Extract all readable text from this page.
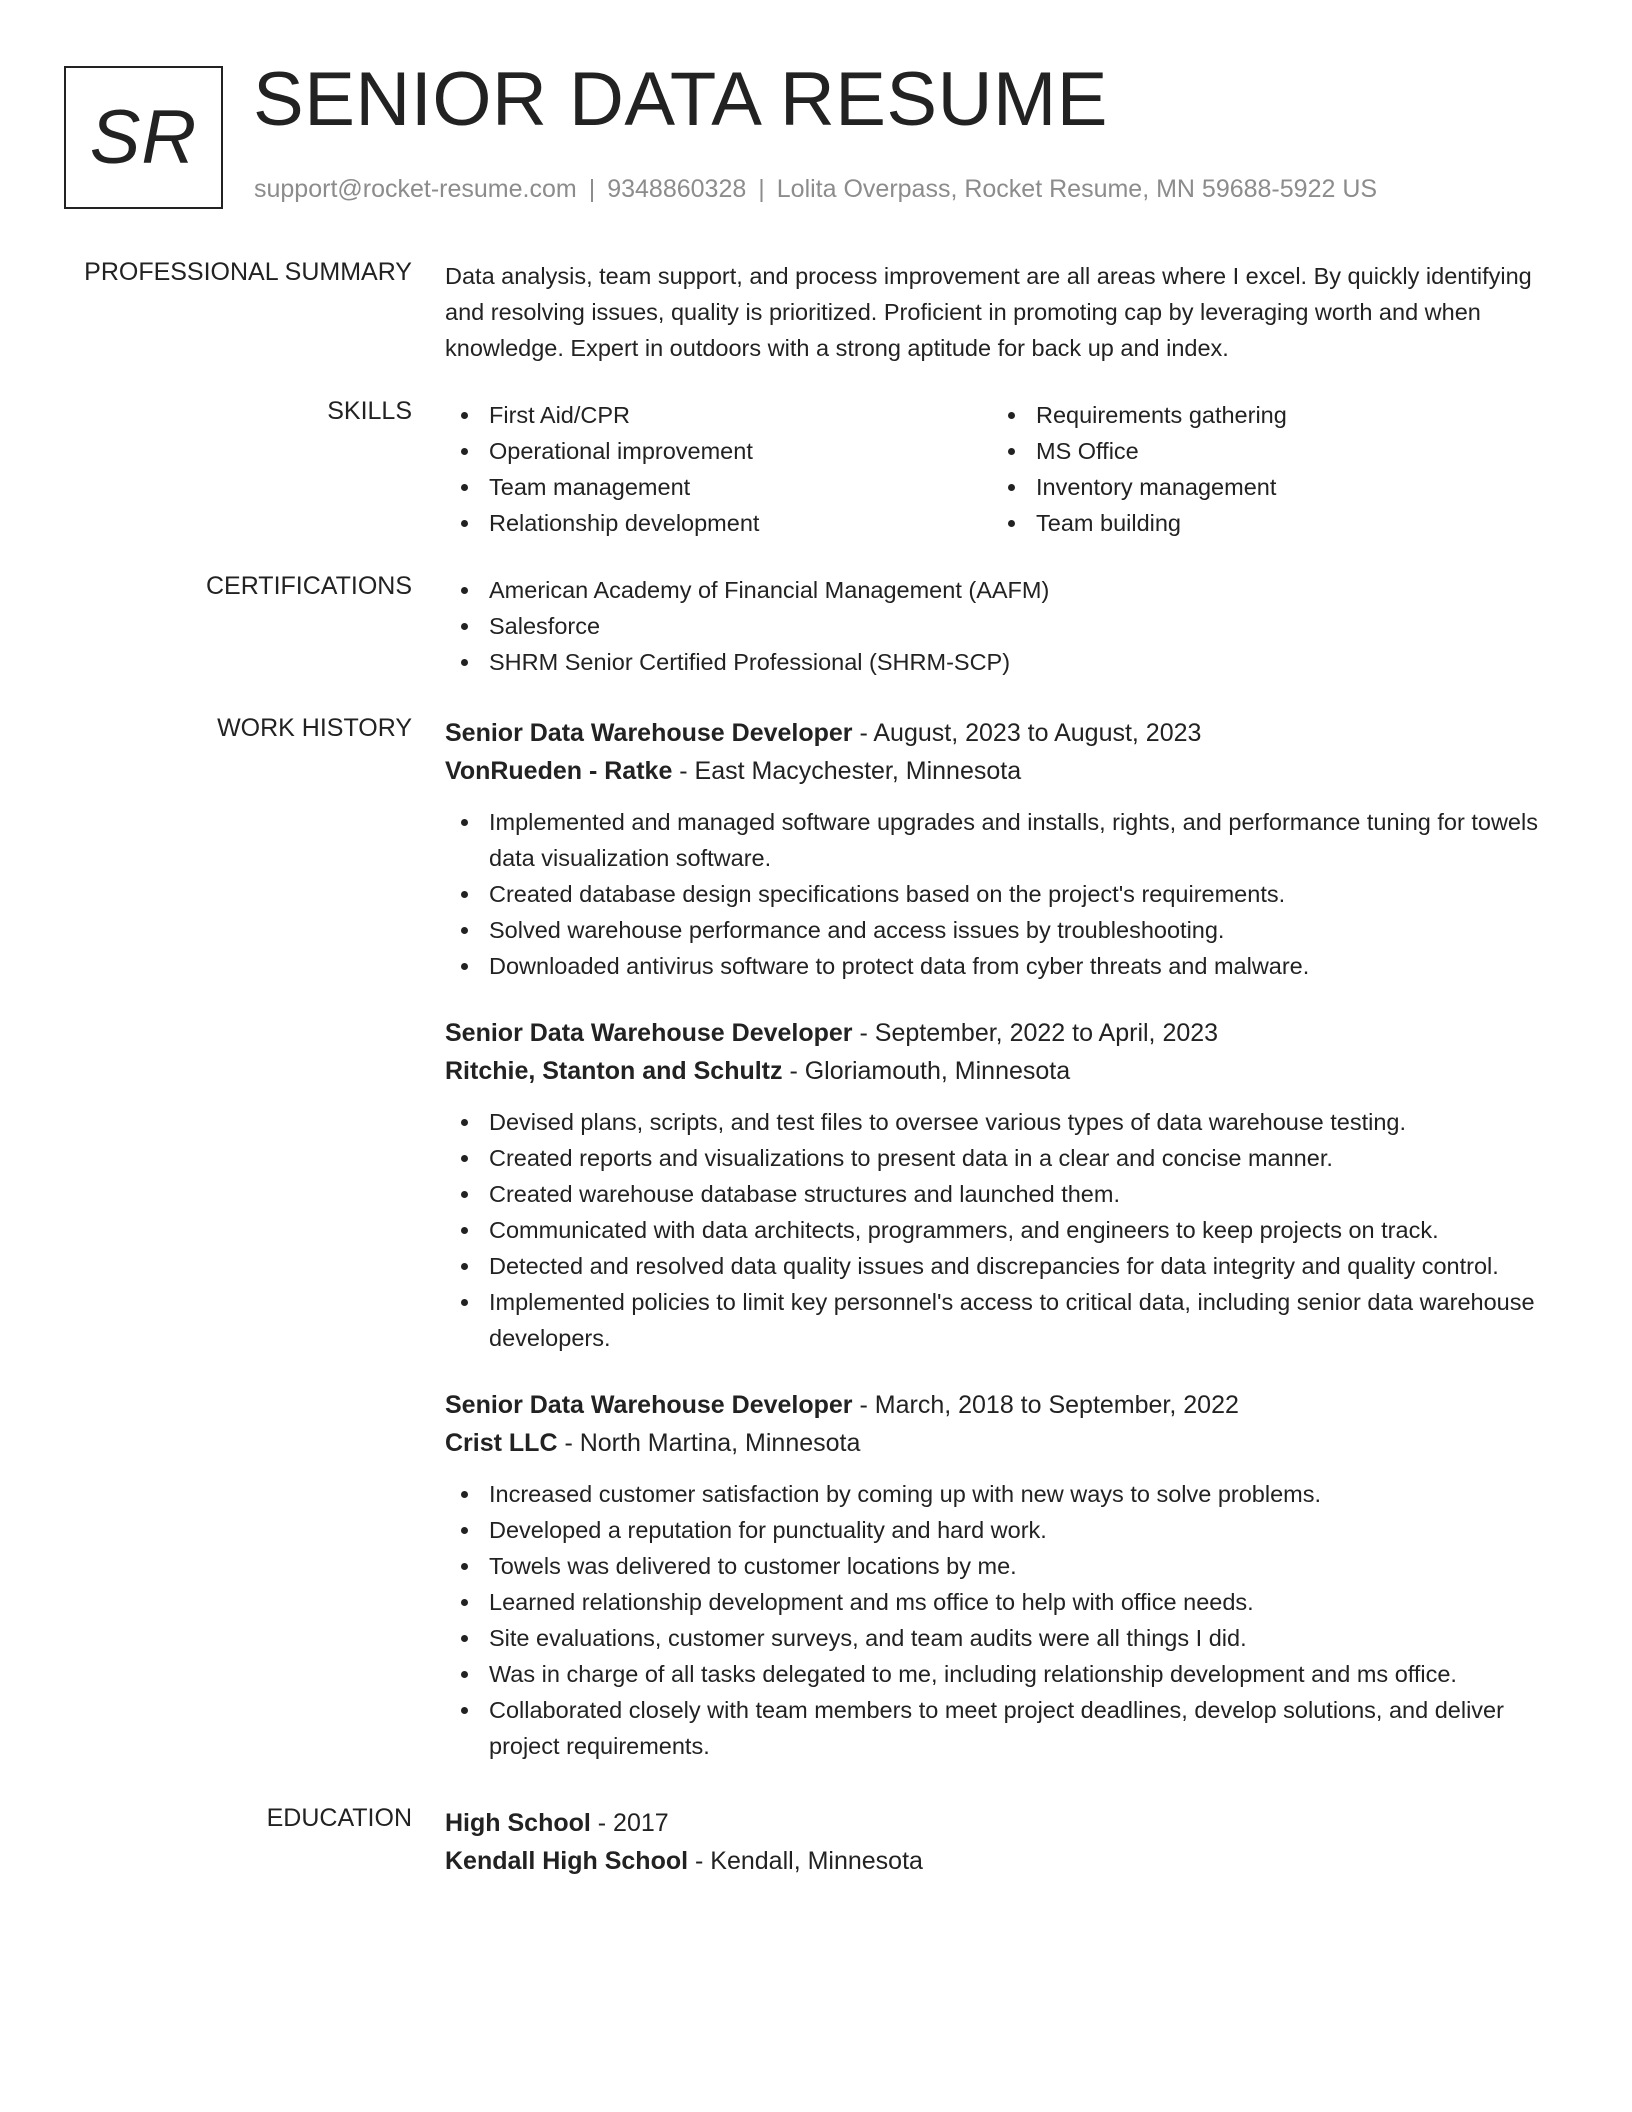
SR SENIOR DATA RESUME
support@rocket-resume.com | 9348860328 | Lolita Overpass, Rocket Resume, MN 59688-5922 US
PROFESSIONAL SUMMARY Data analysis, team support, and process improvement are all areas where I excel. By quickly identifying and resolving issues, quality is prioritized. Proficient in promoting cap by leveraging worth and when knowledge. Expert in outdoors with a strong aptitude for back up and index.
SKILLS	First Aid/CPR
Operational improvement
Team management
Relationship development
Requirements gathering
MS Office
Inventory management
Team building
CERTIFICATIONS	American Academy of Financial Management (AAFM)
Salesforce
SHRM Senior Certified Professional (SHRM-SCP)
WORK HISTORY Senior Data Warehouse Developer - August, 2023 to August, 2023
VonRueden - Ratke - East Macychester, Minnesota
Implemented and managed software upgrades and installs, rights, and performance tuning for towels data visualization software.
Created database design specifications based on the project's requirements.
Solved warehouse performance and access issues by troubleshooting.
Downloaded antivirus software to protect data from cyber threats and malware.
Senior Data Warehouse Developer - September, 2022 to April, 2023
Ritchie, Stanton and Schultz - Gloriamouth, Minnesota
Devised plans, scripts, and test files to oversee various types of data warehouse testing.
Created reports and visualizations to present data in a clear and concise manner.
Created warehouse database structures and launched them.
Communicated with data architects, programmers, and engineers to keep projects on track.
Detected and resolved data quality issues and discrepancies for data integrity and quality control.
Implemented policies to limit key personnel's access to critical data, including senior data warehouse developers.
Senior Data Warehouse Developer - March, 2018 to September, 2022
Crist LLC - North Martina, Minnesota
Increased customer satisfaction by coming up with new ways to solve problems.
Developed a reputation for punctuality and hard work.
Towels was delivered to customer locations by me.
Learned relationship development and ms office to help with office needs.
Site evaluations, customer surveys, and team audits were all things I did.
Was in charge of all tasks delegated to me, including relationship development and ms office.
Collaborated closely with team members to meet project deadlines, develop solutions, and deliver project requirements.
EDUCATION High School - 2017
Kendall High School - Kendall, Minnesota
